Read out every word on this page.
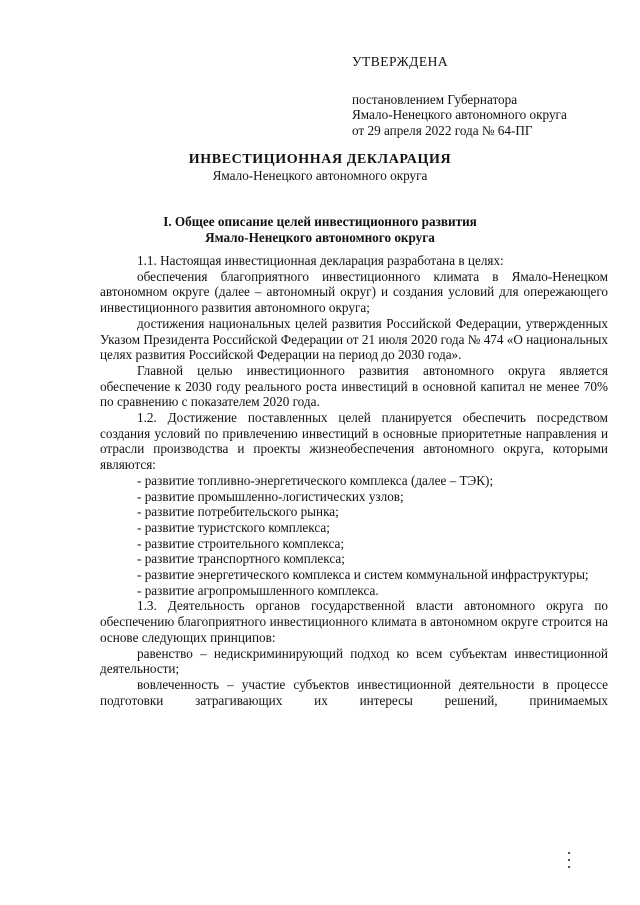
УТВЕРЖДЕНА
постановлением Губернатора
Ямало-Ненецкого автономного округа
от 29 апреля 2022 года № 64-ПГ
ИНВЕСТИЦИОННАЯ ДЕКЛАРАЦИЯ
Ямало-Ненецкого автономного округа
I. Общее описание целей инвестиционного развития
Ямало-Ненецкого автономного округа

1.1. Настоящая инвестиционная декларация разработана в целях:

обеспечения благоприятного инвестиционного климата в Ямало-Ненецком автономном округе (далее – автономный округ) и создания условий для опережающего инвестиционного развития автономного округа;

достижения национальных целей развития Российской Федерации, утвержденных Указом Президента Российской Федерации от 21 июля 2020 года № 474 «О национальных целях развития Российской Федерации на период до 2030 года».

Главной целью инвестиционного развития автономного округа является обеспечение к 2030 году реального роста инвестиций в основной капитал не менее 70% по сравнению с показателем 2020 года.

1.2. Достижение поставленных целей планируется обеспечить посредством создания условий по привлечению инвестиций в основные приоритетные направления и отрасли производства и проекты жизнеобеспечения автономного округа, которыми являются:

- развитие топливно-энергетического комплекса (далее – ТЭК);

- развитие промышленно-логистических узлов;

- развитие потребительского рынка;

- развитие туристского комплекса;

- развитие строительного комплекса;

- развитие транспортного комплекса;

- развитие энергетического комплекса и систем коммунальной инфраструктуры;

- развитие агропромышленного комплекса.

1.3. Деятельность органов государственной власти автономного округа по обеспечению благоприятного инвестиционного климата в автономном округе строится на основе следующих принципов:

равенство – недискриминирующий подход ко всем субъектам инвестиционной деятельности;

вовлеченность – участие субъектов инвестиционной деятельности в процессе подготовки затрагивающих их интересы решений, принимаемых
